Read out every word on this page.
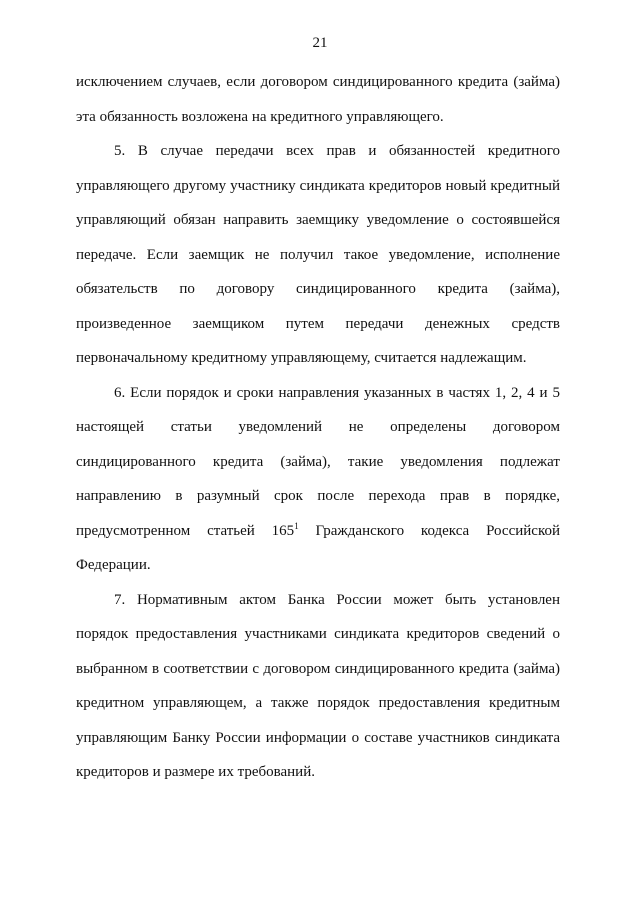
21

исключением случаев, если договором синдицированного кредита (займа) эта обязанность возложена на кредитного управляющего.

5. В случае передачи всех прав и обязанностей кредитного управляющего другому участнику синдиката кредиторов новый кредитный управляющий обязан направить заемщику уведомление о состоявшейся передаче. Если заемщик не получил такое уведомление, исполнение обязательств по договору синдицированного кредита (займа), произведенное заемщиком путем передачи денежных средств первоначальному кредитному управляющему, считается надлежащим.

6. Если порядок и сроки направления указанных в частях 1, 2, 4 и 5 настоящей статьи уведомлений не определены договором синдицированного кредита (займа), такие уведомления подлежат направлению в разумный срок после перехода прав в порядке, предусмотренном статьей $165^1$ Гражданского кодекса Российской Федерации.

7. Нормативным актом Банка России может быть установлен порядок предоставления участниками синдиката кредиторов сведений о выбранном в соответствии с договором синдицированного кредита (займа) кредитном управляющем, а также порядок предоставления кредитным управляющим Банку России информации о составе участников синдиката кредиторов и размере их требований.
